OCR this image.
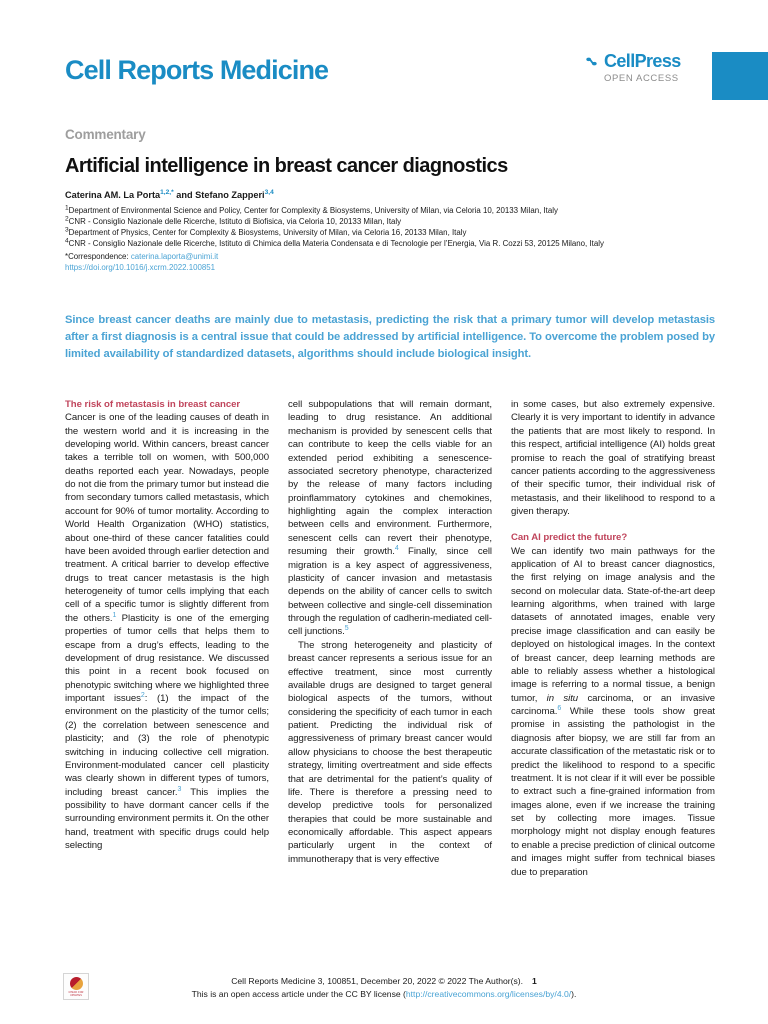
Cell Reports Medicine	CellPress
OPEN ACCESS
Commentary
Artificial intelligence in breast cancer diagnostics
Caterina AM. La Porta$^{1,2,*}$ and Stefano Zapperi$^{3,4}$
$^1$Department of Environmental Science and Policy, Center for Complexity & Biosystems, University of Milan, via Celoria 10, 20133 Milan, Italy
$^2$CNR - Consiglio Nazionale delle Ricerche, Istituto di Biofisica, via Celoria 10, 20133 Milan, Italy
$^3$Department of Physics, Center for Complexity & Biosystems, University of Milan, via Celoria 16, 20133 Milan, Italy
$^4$CNR - Consiglio Nazionale delle Ricerche, Istituto di Chimica della Materia Condensata e di Tecnologie per l’Energia, Via R. Cozzi 53, 20125 Milano, Italy
*Correspondence: caterina.laporta@unimi.it
https://doi.org/10.1016/j.xcrm.2022.100851
Since breast cancer deaths are mainly due to metastasis, predicting the risk that a primary tumor will develop metastasis after a first diagnosis is a central issue that could be addressed by artificial intelligence. To overcome the problem posed by limited availability of standardized datasets, algorithms should include biological insight.
The risk of metastasis in breast cancer

Cancer is one of the leading causes of death in the western world and it is increasing in the developing world. Within cancers, breast cancer takes a terrible toll on women, with 500,000 deaths reported each year. Nowadays, people do not die from the primary tumor but instead die from secondary tumors called metastasis, which account for 90% of tumor mortality. According to World Health Organization (WHO) statistics, about one-third of these cancer fatalities could have been avoided through earlier detection and treatment. A critical barrier to develop effective drugs to treat cancer metastasis is the high heterogeneity of tumor cells implying that each cell of a specific tumor is slightly different from the others.$^1$ Plasticity is one of the emerging properties of tumor cells that helps them to escape from a drug’s effects, leading to the development of drug resistance. We discussed this point in a recent book focused on phenotypic switching where we highlighted three important issues$^2$: (1) the impact of the environment on the plasticity of the tumor cells; (2) the correlation between senescence and plasticity; and (3) the role of phenotypic switching in inducing collective cell migration. Environment-modulated cancer cell plasticity was clearly shown in different types of tumors, including breast cancer.$^3$ This implies the possibility to have dormant cancer cells if the surrounding environment permits it. On the other hand, treatment with specific drugs could help selecting

cell subpopulations that will remain dormant, leading to drug resistance. An additional mechanism is provided by senescent cells that can contribute to keep the cells viable for an extended period exhibiting a senescence-associated secretory phenotype, characterized by the release of many factors including proinflammatory cytokines and chemokines, highlighting again the complex interaction between cells and environment. Furthermore, senescent cells can revert their phenotype, resuming their growth.$^4$ Finally, since cell migration is a key aspect of aggressiveness, plasticity of cancer invasion and metastasis depends on the ability of cancer cells to switch between collective and single-cell dissemination through the regulation of cadherin-mediated cell-cell junctions.$^5$

The strong heterogeneity and plasticity of breast cancer represents a serious issue for an effective treatment, since most currently available drugs are designed to target general biological aspects of the tumors, without considering the specificity of each tumor in each patient. Predicting the individual risk of aggressiveness of primary breast cancer would allow physicians to choose the best therapeutic strategy, limiting overtreatment and side effects that are detrimental for the patient’s quality of life. There is therefore a pressing need to develop predictive tools for personalized therapies that could be more sustainable and economically affordable. This aspect appears particularly urgent in the context of immunotherapy that is very effective

in some cases, but also extremely expensive. Clearly it is very important to identify in advance the patients that are most likely to respond. In this respect, artificial intelligence (AI) holds great promise to reach the goal of stratifying breast cancer patients according to the aggressiveness of their specific tumor, their individual risk of metastasis, and their likelihood to respond to a given therapy.

Can AI predict the future?

We can identify two main pathways for the application of AI to breast cancer diagnostics, the first relying on image analysis and the second on molecular data. State-of-the-art deep learning algorithms, when trained with large datasets of annotated images, enable very precise image classification and can easily be deployed on histological images. In the context of breast cancer, deep learning methods are able to reliably assess whether a histological image is referring to a normal tissue, a benign tumor, in situ carcinoma, or an invasive carcinoma.$^6$ While these tools show great promise in assisting the pathologist in the diagnosis after biopsy, we are still far from an accurate classification of the metastatic risk or to predict the likelihood to respond to a specific treatment. It is not clear if it will ever be possible to extract such a fine-grained information from images alone, even if we increase the training set by collecting more images. Tissue morphology might not display enough features to enable a precise prediction of clinical outcome and images might suffer from technical biases due to preparation

CHECK FOR UPDATES
Cell Reports Medicine 3, 100851, December 20, 2022 © 2022 The Author(s). 1
This is an open access article under the CC BY license (http://creativecommons.org/licenses/by/4.0/).
